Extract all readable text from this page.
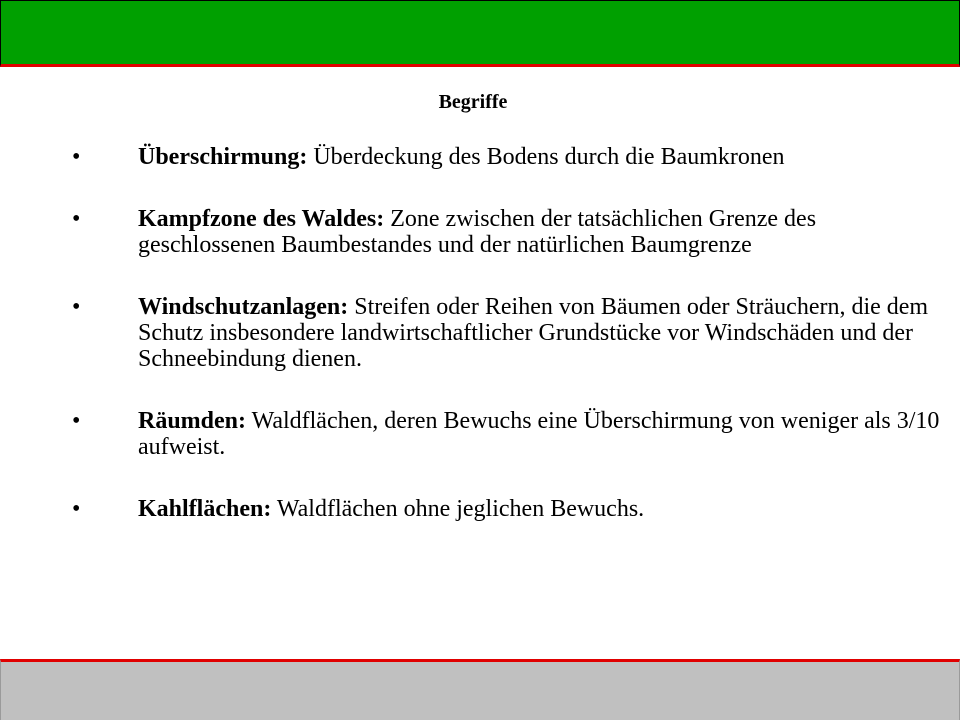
Begriffe
•	Überschirmung: Überdeckung des Bodens durch die Baumkronen
•	Kampfzone des Waldes: Zone zwischen der tatsächlichen Grenze des geschlossenen Baumbestandes und der natürlichen Baumgrenze
•	Windschutzanlagen: Streifen oder Reihen von Bäumen oder Sträuchern, die dem Schutz insbesondere landwirtschaftlicher Grundstücke vor Windschäden und der Schneebindung dienen.
•	Räumden: Waldflächen, deren Bewuchs eine Überschirmung von weniger als 3/10 aufweist.
•	Kahlflächen: Waldflächen ohne jeglichen Bewuchs.
